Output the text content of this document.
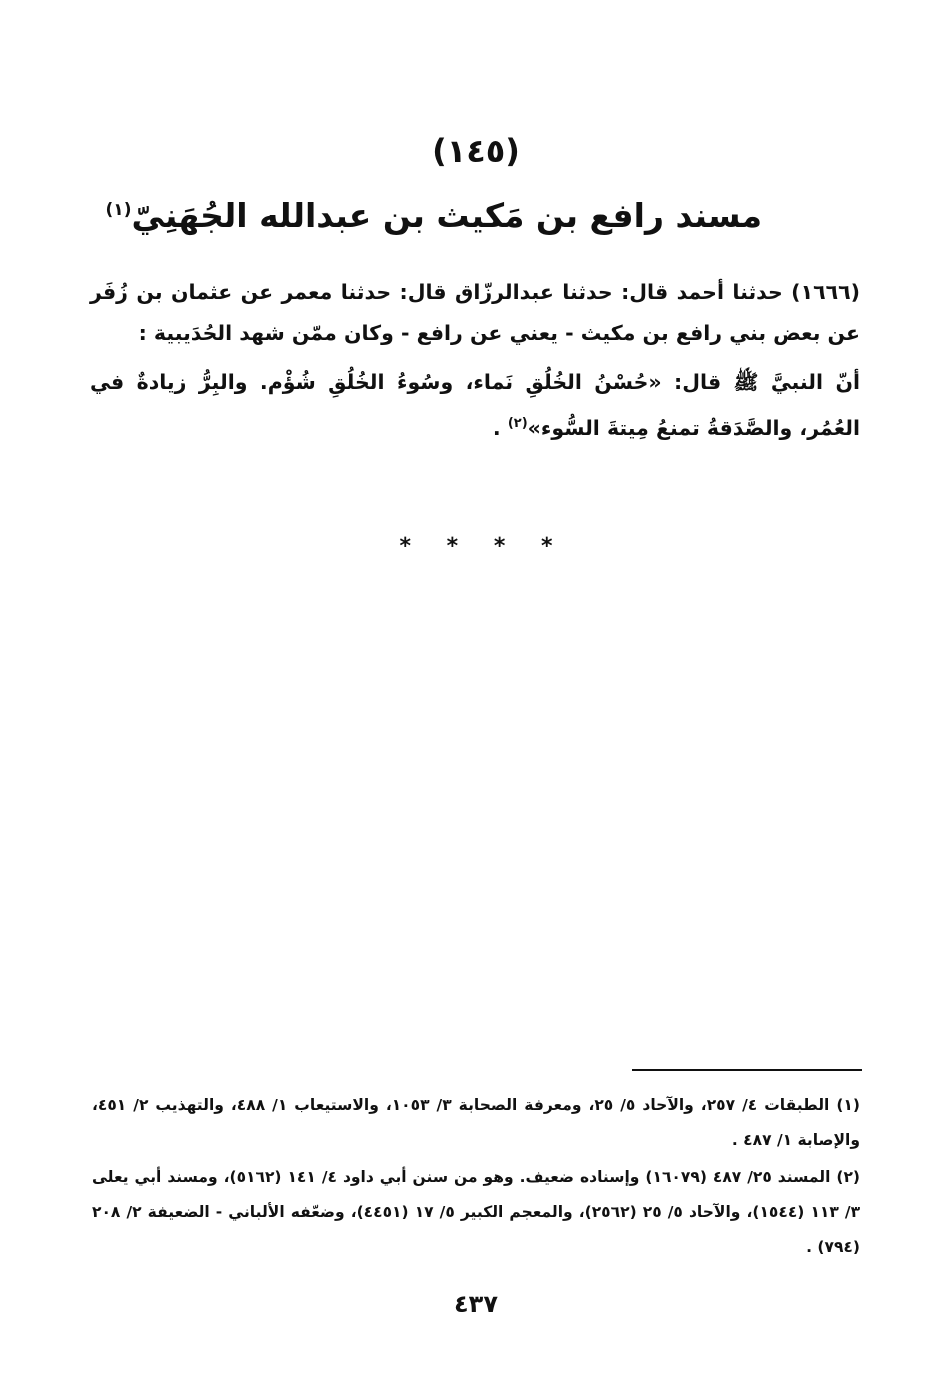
(١٤٥)
مسند رافع بن مَكيث بن عبدالله الجُهَنِيّ$^{(١)}$

(١٦٦٦) حدثنا أحمد قال: حدثنا عبدالرزّاق قال: حدثنا معمر عن عثمان بن زُفَر عن بعض بني رافع بن مكيث - يعني عن رافع - وكان ممّن شهد الحُدَيبية :

أنّ النبيَّ ﷺ قال: «حُسْنُ الخُلُقِ نَماء، وسُوءُ الخُلُقِ شُؤْم. والبِرُّ زيادةٌ في العُمُر، والصَّدَقةُ تمنعُ مِيتةَ السُّوء»$^{(٢)}$ .

* * * *

(١) الطبقات ٤/ ٢٥٧، والآحاد ٥/ ٢٥، ومعرفة الصحابة ٣/ ١٠٥٣، والاستيعاب ١/ ٤٨٨، والتهذيب ٢/ ٤٥١، والإصابة ١/ ٤٨٧ .

(٢) المسند ٢٥/ ٤٨٧ (١٦٠٧٩) وإسناده ضعيف. وهو من سنن أبي داود ٤/ ١٤١ (٥١٦٢)، ومسند أبي يعلى ٣/ ١١٣ (١٥٤٤)، والآحاد ٥/ ٢٥ (٢٥٦٢)، والمعجم الكبير ٥/ ١٧ (٤٤٥١)، وضعّفه الألباني - الضعيفة ٢/ ٢٠٨ (٧٩٤) .

٤٣٧
